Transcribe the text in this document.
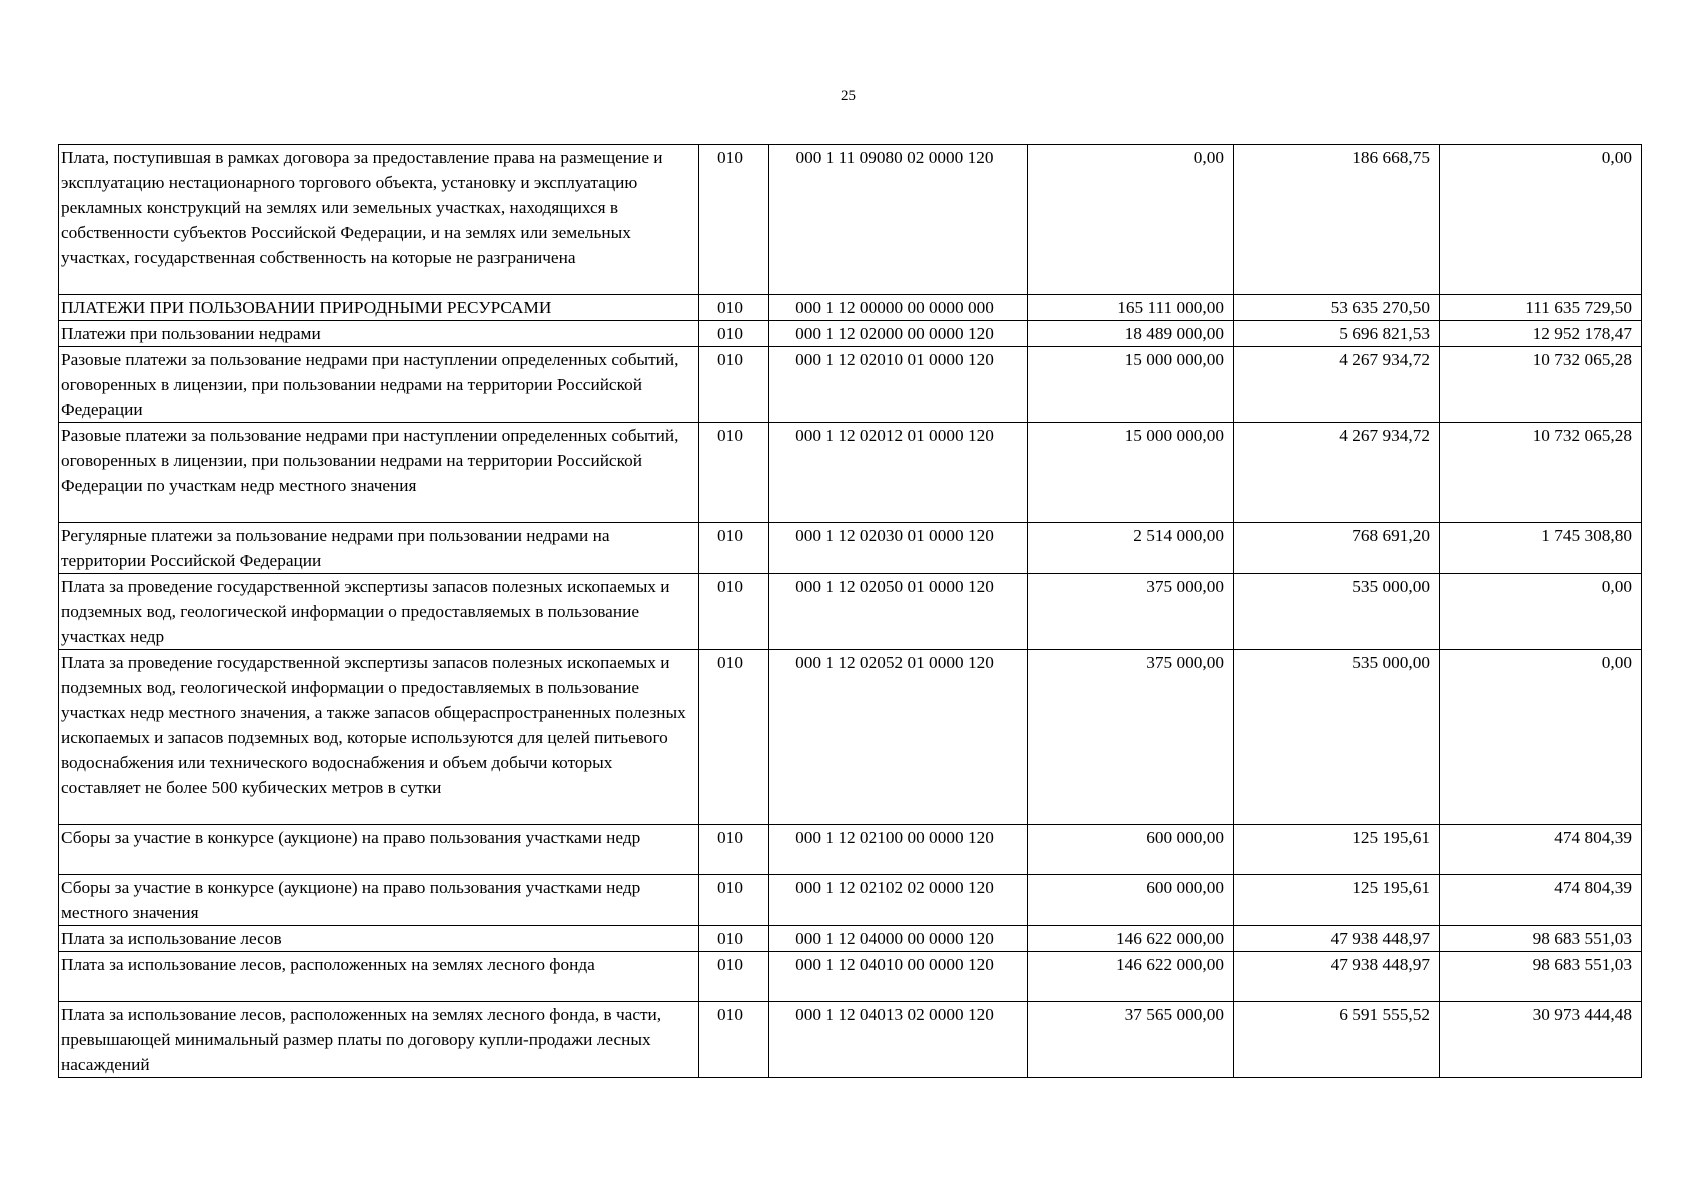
25
Плата, поступившая в рамках договора за предоставление права на размещение и эксплуатацию нестационарного торгового объекта, установку и эксплуатацию рекламных конструкций на землях или земельных участках, находящихся в собственности субъектов Российской Федерации, и на землях или земельных участках, государственная собственность на которые не разграничена	010	000 1 11 09080 02 0000 120	0,00	186 668,75	0,00
ПЛАТЕЖИ ПРИ ПОЛЬЗОВАНИИ ПРИРОДНЫМИ РЕСУРСАМИ	010	000 1 12 00000 00 0000 000	165 111 000,00	53 635 270,50	111 635 729,50
Платежи при пользовании недрами	010	000 1 12 02000 00 0000 120	18 489 000,00	5 696 821,53	12 952 178,47
Разовые платежи за пользование недрами при наступлении определенных событий, оговоренных в лицензии, при пользовании недрами на территории Российской Федерации	010	000 1 12 02010 01 0000 120	15 000 000,00	4 267 934,72	10 732 065,28
Разовые платежи за пользование недрами при наступлении определенных событий, оговоренных в лицензии, при пользовании недрами на территории Российской Федерации по участкам недр местного значения	010	000 1 12 02012 01 0000 120	15 000 000,00	4 267 934,72	10 732 065,28
Регулярные платежи за пользование недрами при пользовании недрами на территории Российской Федерации	010	000 1 12 02030 01 0000 120	2 514 000,00	768 691,20	1 745 308,80
Плата за проведение государственной экспертизы запасов полезных ископаемых и подземных вод, геологической информации о предоставляемых в пользование участках недр	010	000 1 12 02050 01 0000 120	375 000,00	535 000,00	0,00
Плата за проведение государственной экспертизы запасов полезных ископаемых и подземных вод, геологической информации о предоставляемых в пользование участках недр местного значения, а также запасов общераспространенных полезных ископаемых и запасов подземных вод, которые используются для целей питьевого водоснабжения или технического водоснабжения и объем добычи которых составляет не более 500 кубических метров в сутки	010	000 1 12 02052 01 0000 120	375 000,00	535 000,00	0,00
Сборы за участие в конкурсе (аукционе) на право пользования участками недр	010	000 1 12 02100 00 0000 120	600 000,00	125 195,61	474 804,39
Сборы за участие в конкурсе (аукционе) на право пользования участками недр местного значения	010	000 1 12 02102 02 0000 120	600 000,00	125 195,61	474 804,39
Плата за использование лесов	010	000 1 12 04000 00 0000 120	146 622 000,00	47 938 448,97	98 683 551,03
Плата за использование лесов, расположенных на землях лесного фонда	010	000 1 12 04010 00 0000 120	146 622 000,00	47 938 448,97	98 683 551,03
Плата за использование лесов, расположенных на землях лесного фонда, в части, превышающей минимальный размер платы по договору купли-продажи лесных насаждений	010	000 1 12 04013 02 0000 120	37 565 000,00	6 591 555,52	30 973 444,48
